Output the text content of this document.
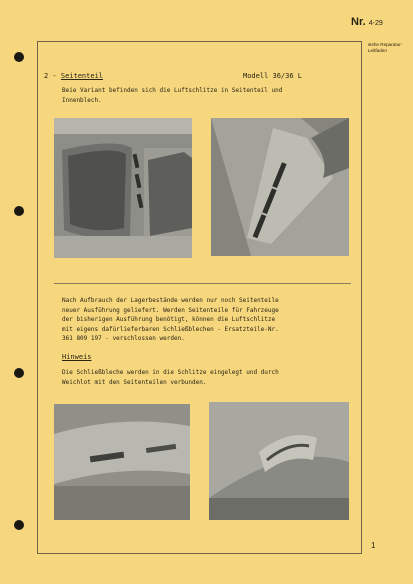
Nr. 4-29
siehe Reparatur-Leitfaden
2 - Seitenteil	Modell 36/36 L
Beie Variant befinden sich die Luftschlitze in Seitenteil und
Innenblech.
Nach Aufbrauch der Lagerbestände werden nur noch Seitenteile
neuer Ausführung geliefert. Werden Seitenteile für Fahrzeuge
der bisherigen Ausführung benötigt, können die Luftschlitze
mit eigens dafürlieferbaren Schließblechen - Ersatzteile-Nr.
361 809 197 - verschlossen werden.
Hinweis
Die Schließbleche werden in die Schlitze eingelegt und durch
Weichlot mit den Seitenteilen verbunden.
1
